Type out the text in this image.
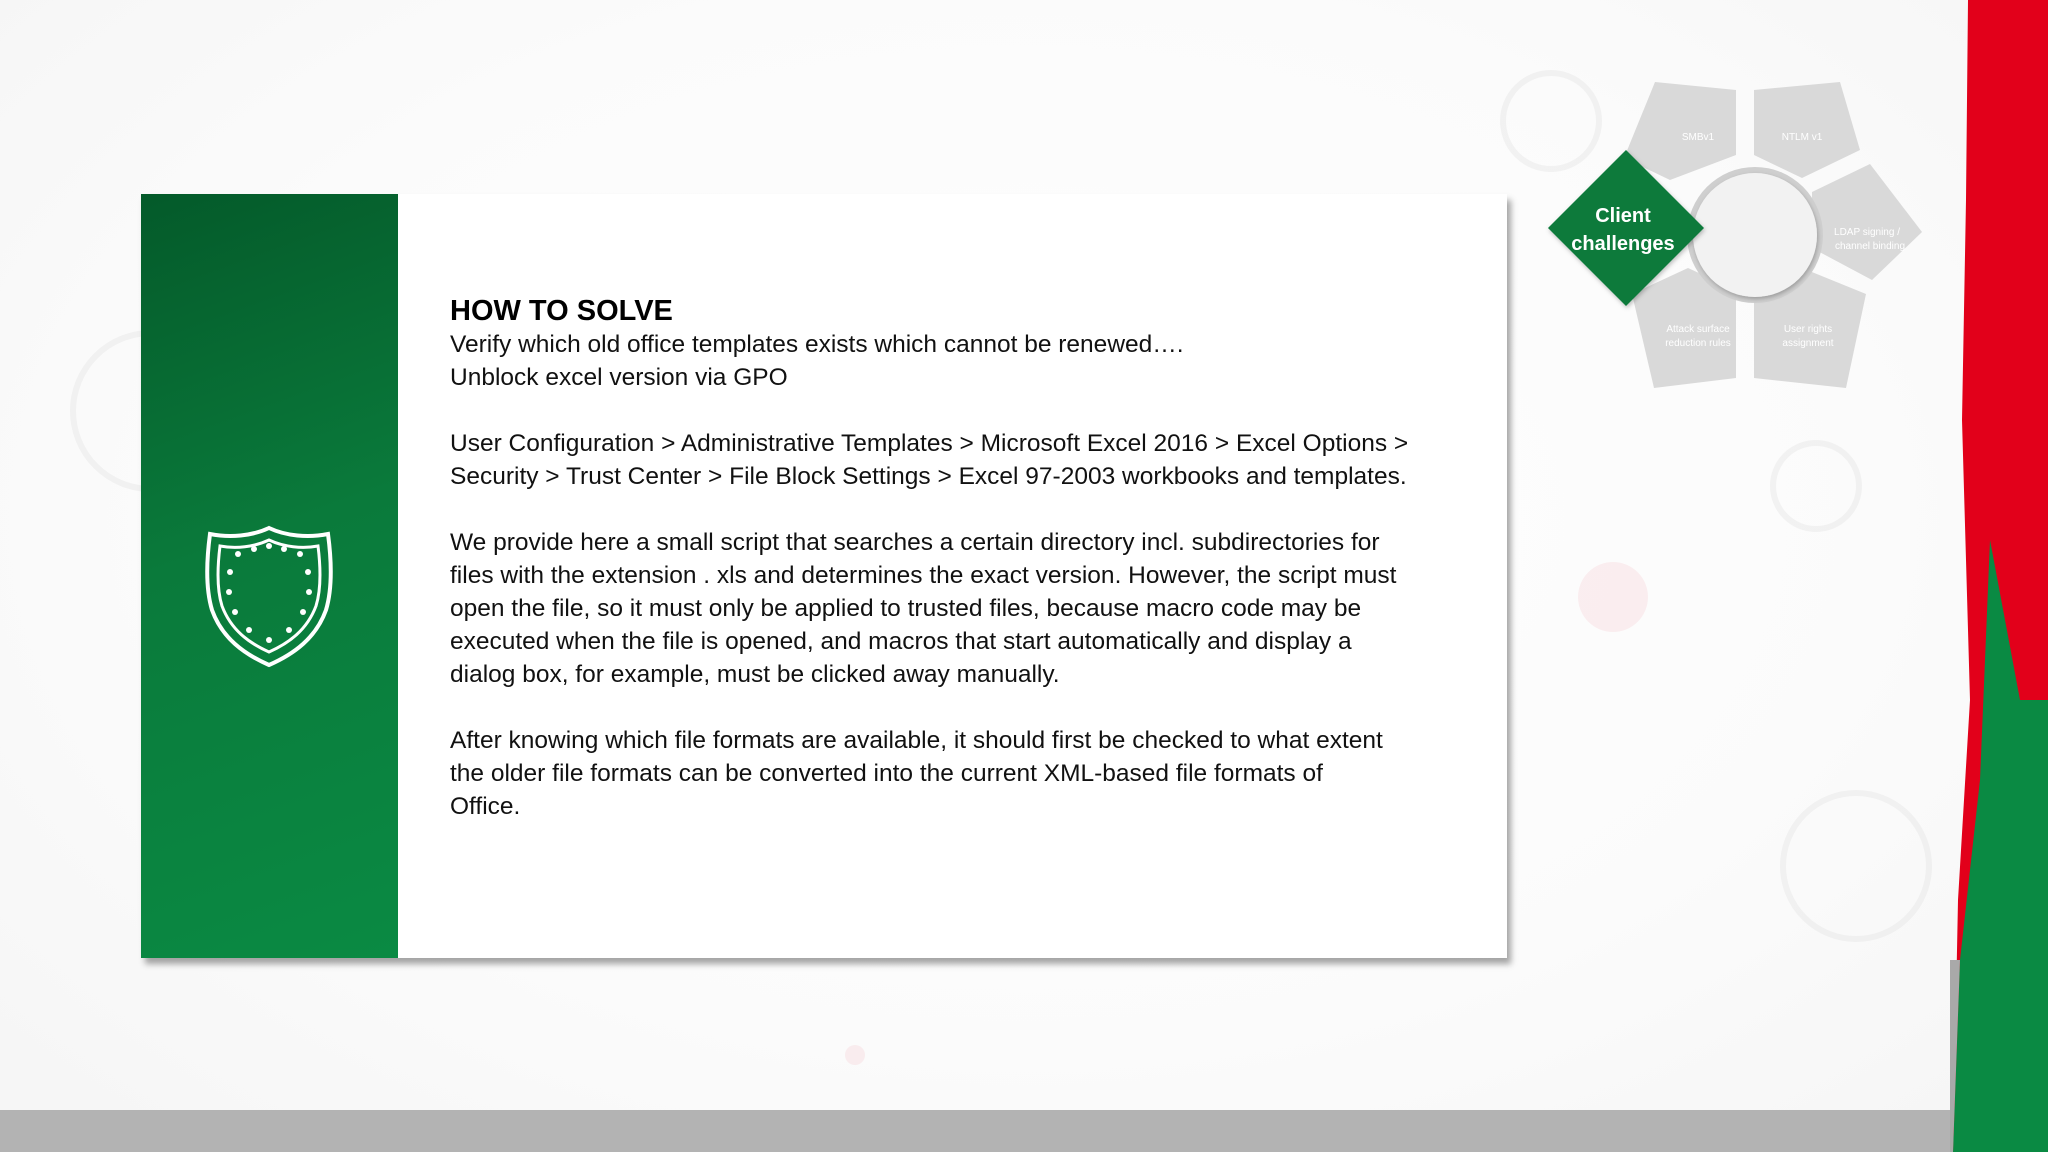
HOW TO SOLVE

Verify which old office templates exists which cannot be renewed….

Unblock excel version via GPO

User Configuration > Administrative Templates > Microsoft Excel 2016 > Excel Options >

Security > Trust Center > File Block Settings > Excel 97-2003 workbooks and templates.

We provide here a small script that searches a certain directory incl. subdirectories for

files with the extension . xls and determines the exact version. However, the script must

open the file, so it must only be applied to trusted files, because macro code may be

executed when the file is opened, and macros that start automatically and display a

dialog box, for example, must be clicked away manually.

After knowing which file formats are available, it should first be checked to what extent

the older file formats can be converted into the current XML-based file formats of

Office.

SMBv1	NTLM v1
LDAP signing /
channel binding
User rights
assignment
Attack surface
reduction rules
Client
challenges
